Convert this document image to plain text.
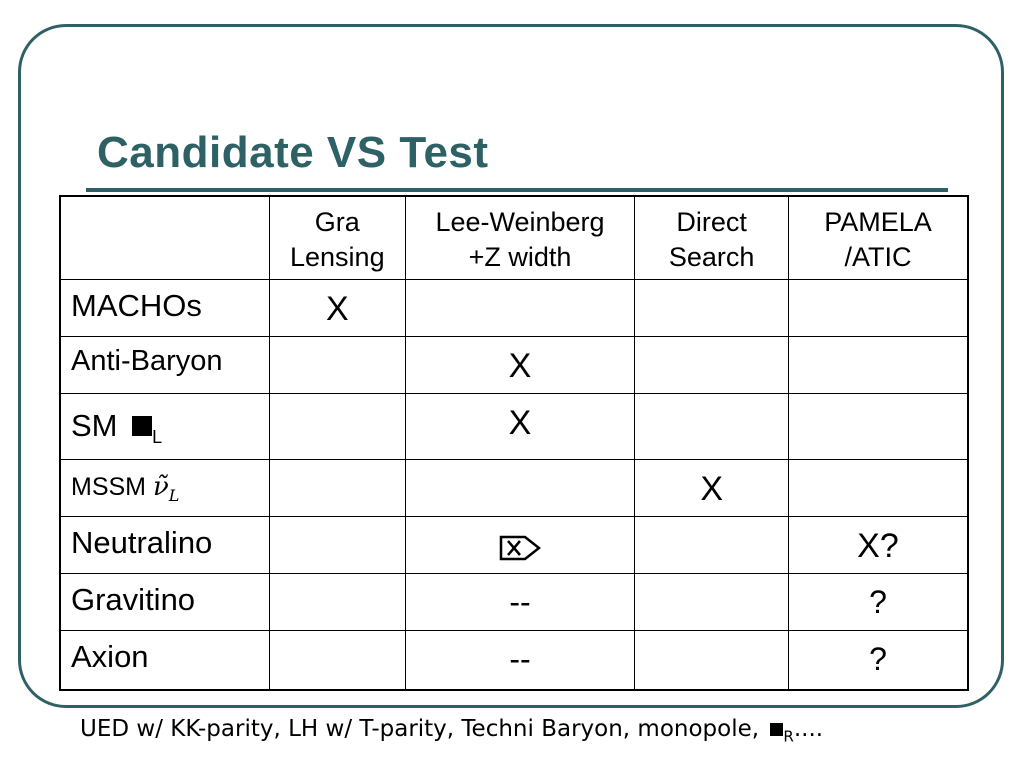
Candidate VS Test
	Gra Lensing	Lee-Weinberg +Z width	Direct Search	PAMELA /ATIC
MACHOs	X			
Anti-Baryon		X		
SM $_L$		X		
MSSM $\nũ_L$			X	
Neutralino				X?
Gravitino		--		?
Axion		--		?
UED w/ KK-parity, LH w/ T-parity, Techni Baryon, monopole, $_R$....
